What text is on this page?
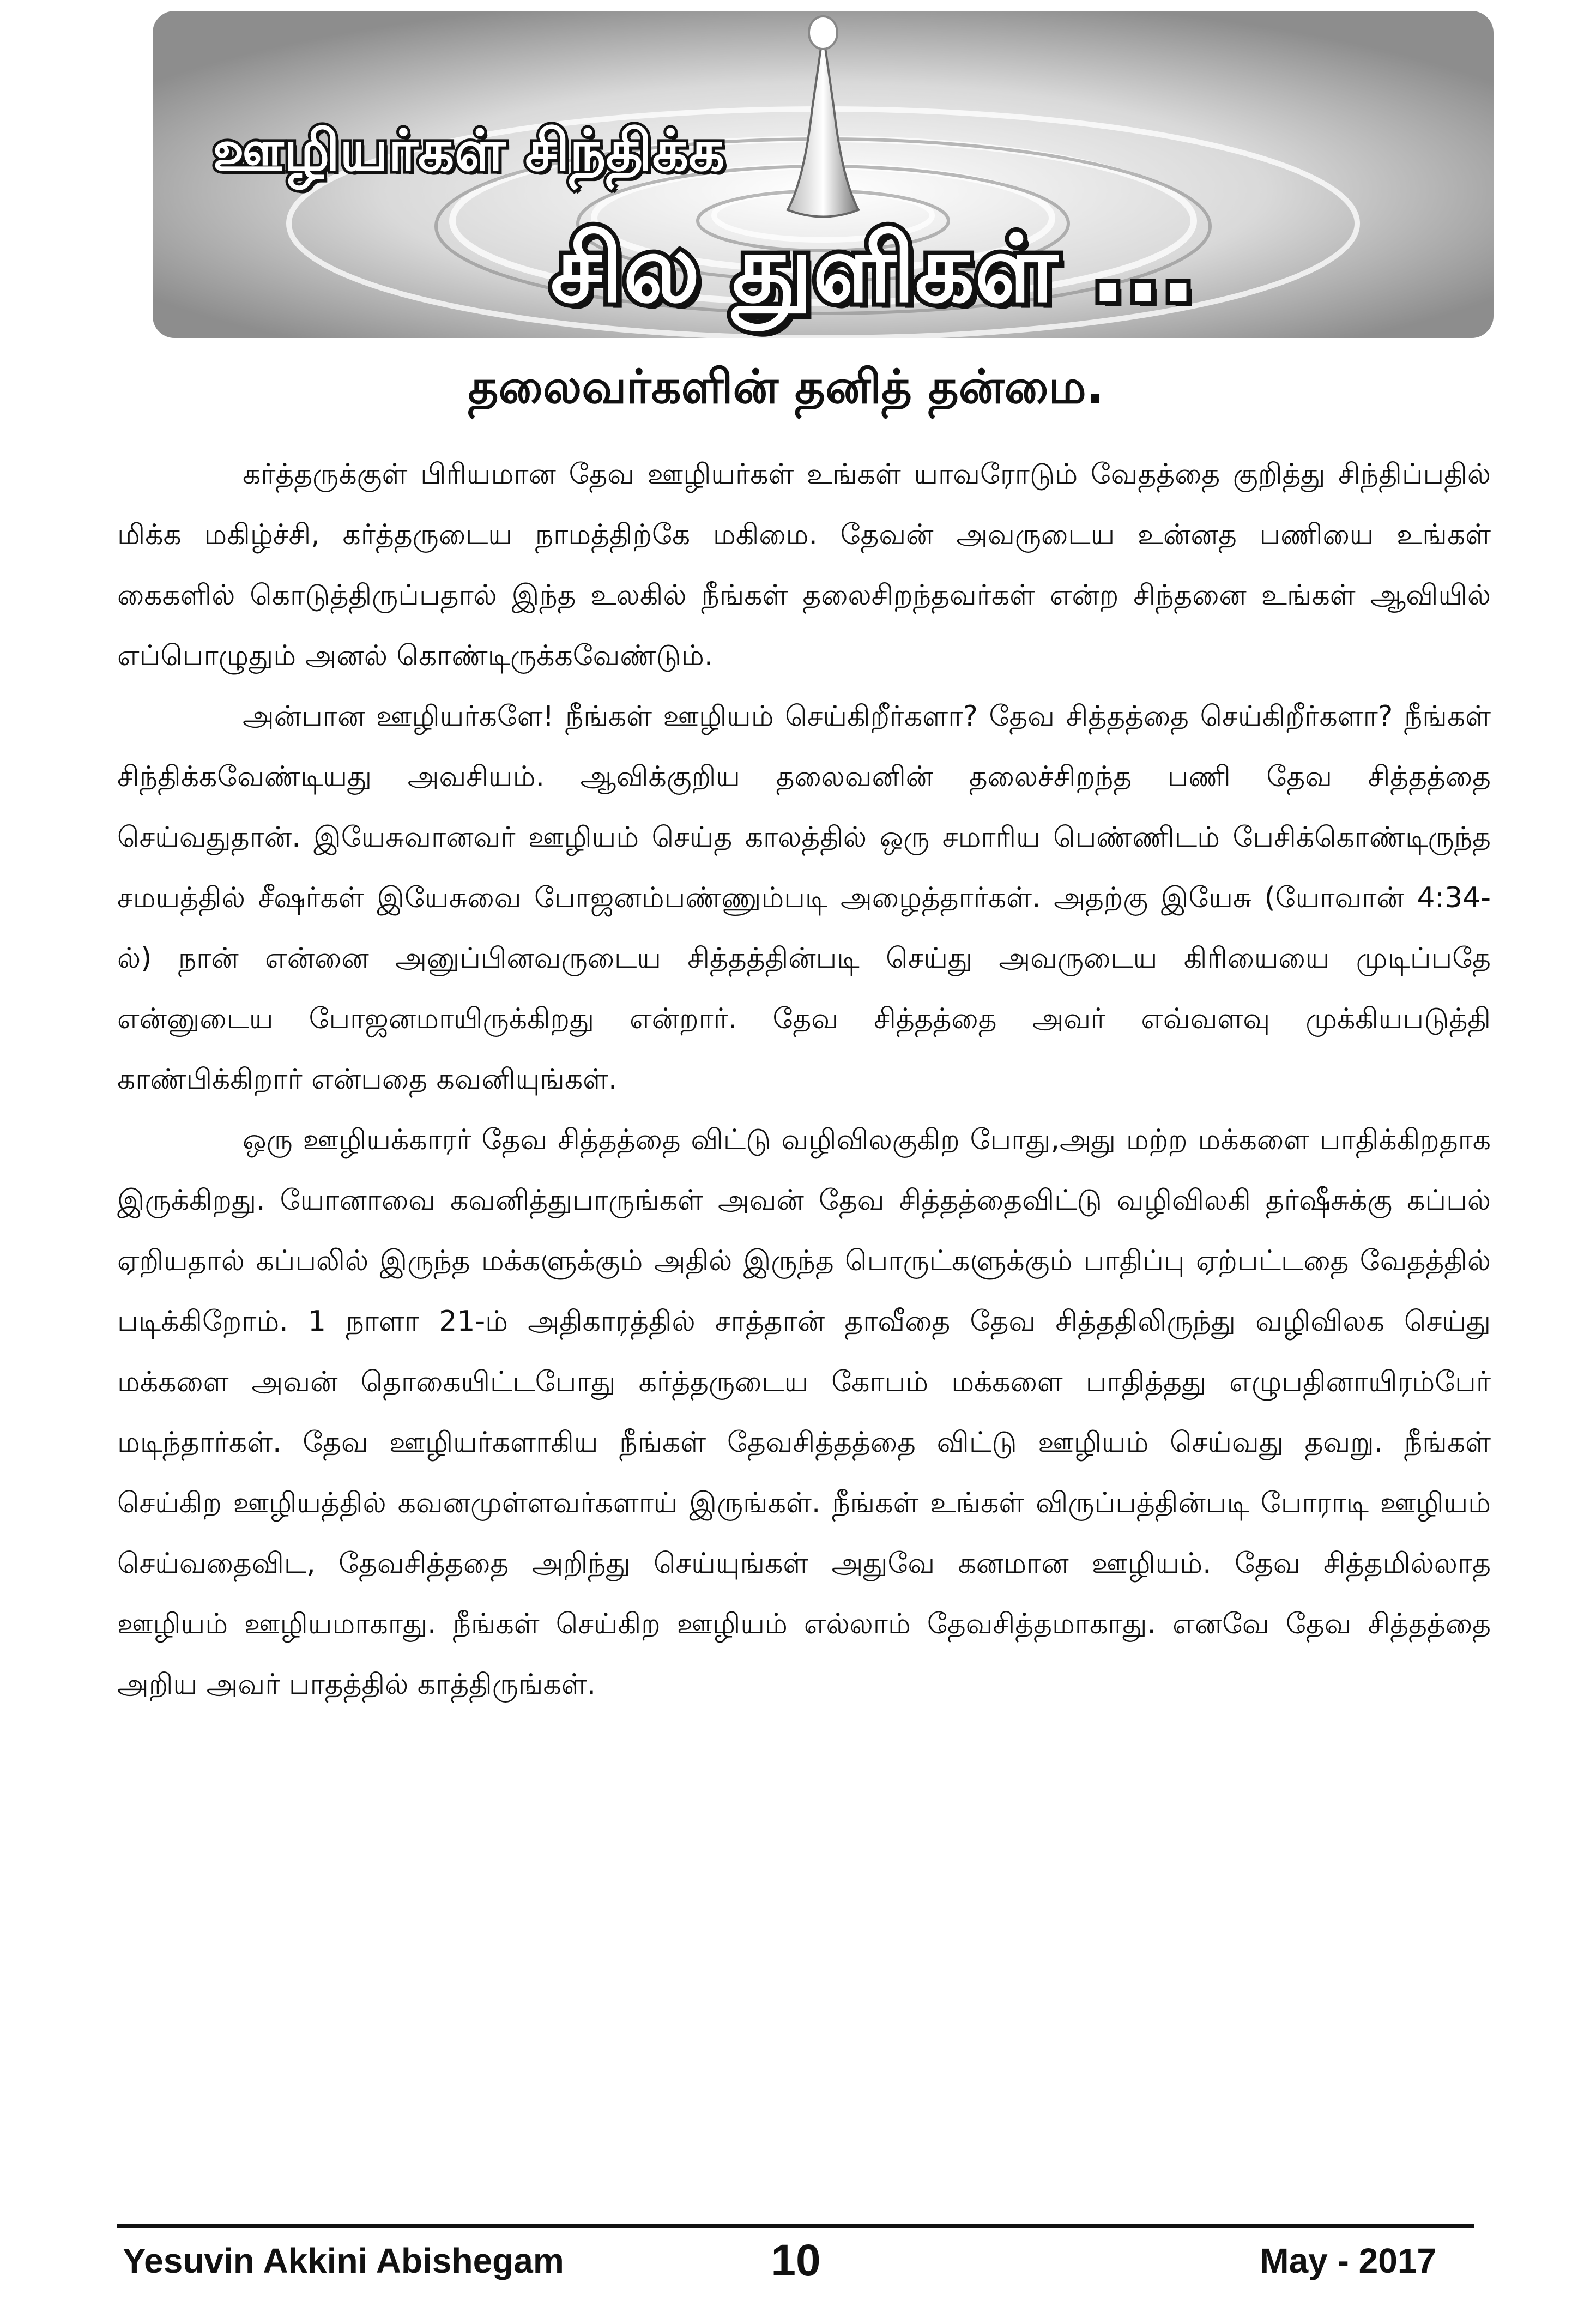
ஊழியர்கள் சிந்திக்க
சில துளிகள் ...
தலைவர்களின் தனித் தன்மை.

கர்த்தருக்குள் பிரியமான தேவ ஊழியர்கள் உங்கள் யாவரோடும் வேதத்தை குறித்து சிந்திப்பதில் மிக்க மகிழ்ச்சி, கர்த்தருடைய நாமத்திற்கே மகிமை. தேவன் அவருடைய உன்னத பணியை உங்கள் கைகளில் கொடுத்திருப்பதால் இந்த உலகில் நீங்கள் தலைசிறந்தவர்கள் என்ற சிந்தனை உங்கள் ஆவியில் எப்பொழுதும் அனல் கொண்டிருக்கவேண்டும்.

அன்பான ஊழியர்களே! நீங்கள் ஊழியம் செய்கிறீர்களா? தேவ சித்தத்தை செய்கிறீர்களா? நீங்கள் சிந்திக்கவேண்டியது அவசியம். ஆவிக்குறிய தலைவனின் தலைச்சிறந்த பணி தேவ சித்தத்தை செய்வதுதான். இயேசுவானவர் ஊழியம் செய்த காலத்தில் ஒரு சமாரிய பெண்ணிடம் பேசிக்கொண்டிருந்த சமயத்தில் சீஷர்கள் இயேசுவை போஜனம்பண்ணும்படி அழைத்தார்கள். அதற்கு இயேசு (யோவான் 4:34-ல்) நான் என்னை அனுப்பினவருடைய சித்தத்தின்படி செய்து அவருடைய கிரியையை முடிப்பதே என்னுடைய போஜனமாயிருக்கிறது என்றார். தேவ சித்தத்தை அவர் எவ்வளவு முக்கியபடுத்தி காண்பிக்கிறார் என்பதை கவனியுங்கள்.

ஒரு ஊழியக்காரர் தேவ சித்தத்தை விட்டு வழிவிலகுகிற போது,அது மற்ற மக்களை பாதிக்கிறதாக இருக்கிறது. யோனாவை கவனித்துபாருங்கள் அவன் தேவ சித்தத்தைவிட்டு வழிவிலகி தர்ஷீசுக்கு கப்பல் ஏறியதால் கப்பலில் இருந்த மக்களுக்கும் அதில் இருந்த பொருட்களுக்கும் பாதிப்பு ஏற்பட்டதை வேதத்தில் படிக்கிறோம். 1 நாளா 21-ம் அதிகாரத்தில் சாத்தான் தாவீதை தேவ சித்ததிலிருந்து வழிவிலக செய்து மக்களை அவன் தொகையிட்டபோது கர்த்தருடைய கோபம் மக்களை பாதித்தது எழுபதினாயிரம்பேர் மடிந்தார்கள். தேவ ஊழியர்களாகிய நீங்கள் தேவசித்தத்தை விட்டு ஊழியம் செய்வது தவறு. நீங்கள் செய்கிற ஊழியத்தில் கவனமுள்ளவர்களாய் இருங்கள். நீங்கள் உங்கள் விருப்பத்தின்படி போராடி ஊழியம் செய்வதைவிட, தேவசித்ததை அறிந்து செய்யுங்கள் அதுவே கனமான ஊழியம். தேவ சித்தமில்லாத ஊழியம் ஊழியமாகாது. நீங்கள் செய்கிற ஊழியம் எல்லாம் தேவசித்தமாகாது. எனவே தேவ சித்தத்தை அறிய அவர் பாதத்தில் காத்திருங்கள்.

Yesuvin Akkini Abishegam	10	May - 2017
